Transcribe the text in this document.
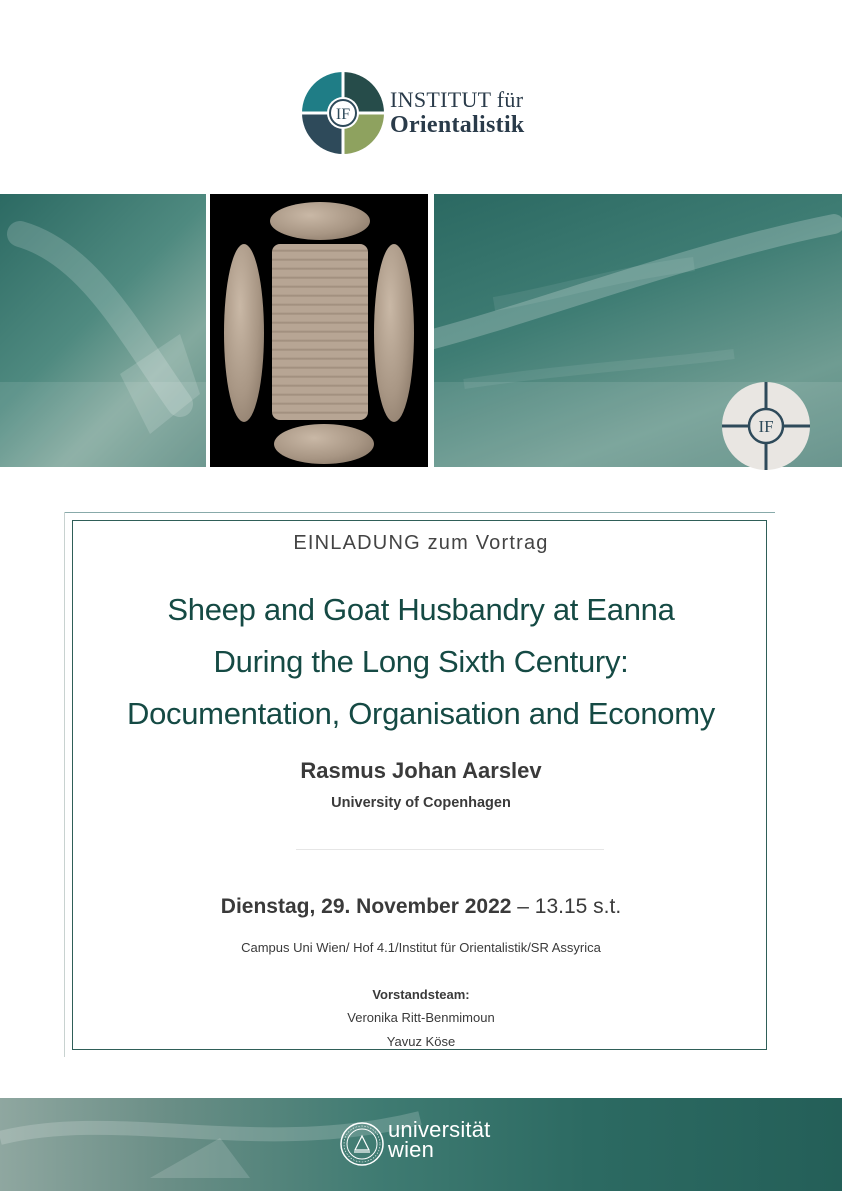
IF
INSTITUT für
Orientalistik
IF
EINLADUNG zum Vortrag
Sheep and Goat Husbandry at Eanna
During the Long Sixth Century:
Documentation, Organisation and Economy
Rasmus Johan Aarslev
University of Copenhagen
Dienstag, 29. November 2022 – 13.15 s.t.
Campus Uni Wien/ Hof 4.1/Institut für Orientalistik/SR Assyrica
Vorstandsteam:
Veronika Ritt-Benmimoun
Yavuz Köse
universität
wien
